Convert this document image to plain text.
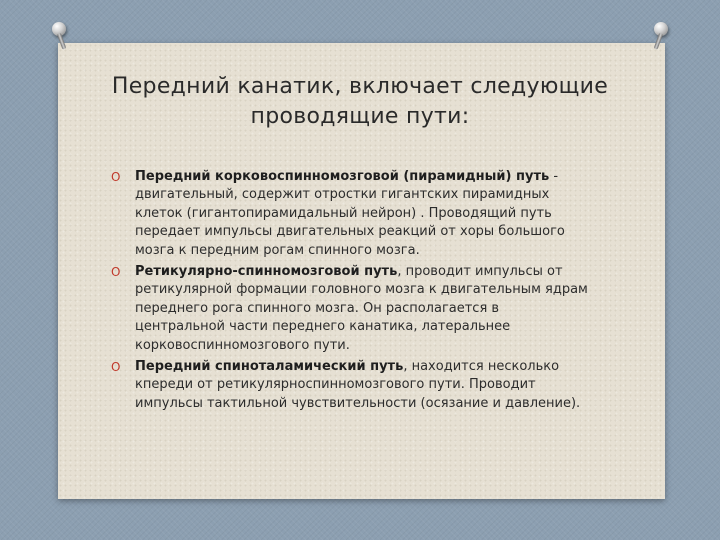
Передний канатик, включает следующие
проводящие пути:
O Передний корковоспинномозговой (пирамидный) путь - двигательный, содержит отростки гигантских пирамидных клеток (гигантопирамидальный нейрон) . Проводящий путь передает импульсы двигательных реакций от хоры большого мозга к передним рогам спинного мозга.
O Ретикулярно-спинномозговой путь, проводит импульсы от ретикулярной формации головного мозга к двигательным ядрам переднего рога спинного мозга. Он располагается в центральной части переднего канатика, латеральнее корковоспинномозгового пути.
O Передний спиноталамический путь, находится несколько кпереди от ретикулярноспинномозгового пути. Проводит импульсы тактильной чувствительности (осязание и давление).
